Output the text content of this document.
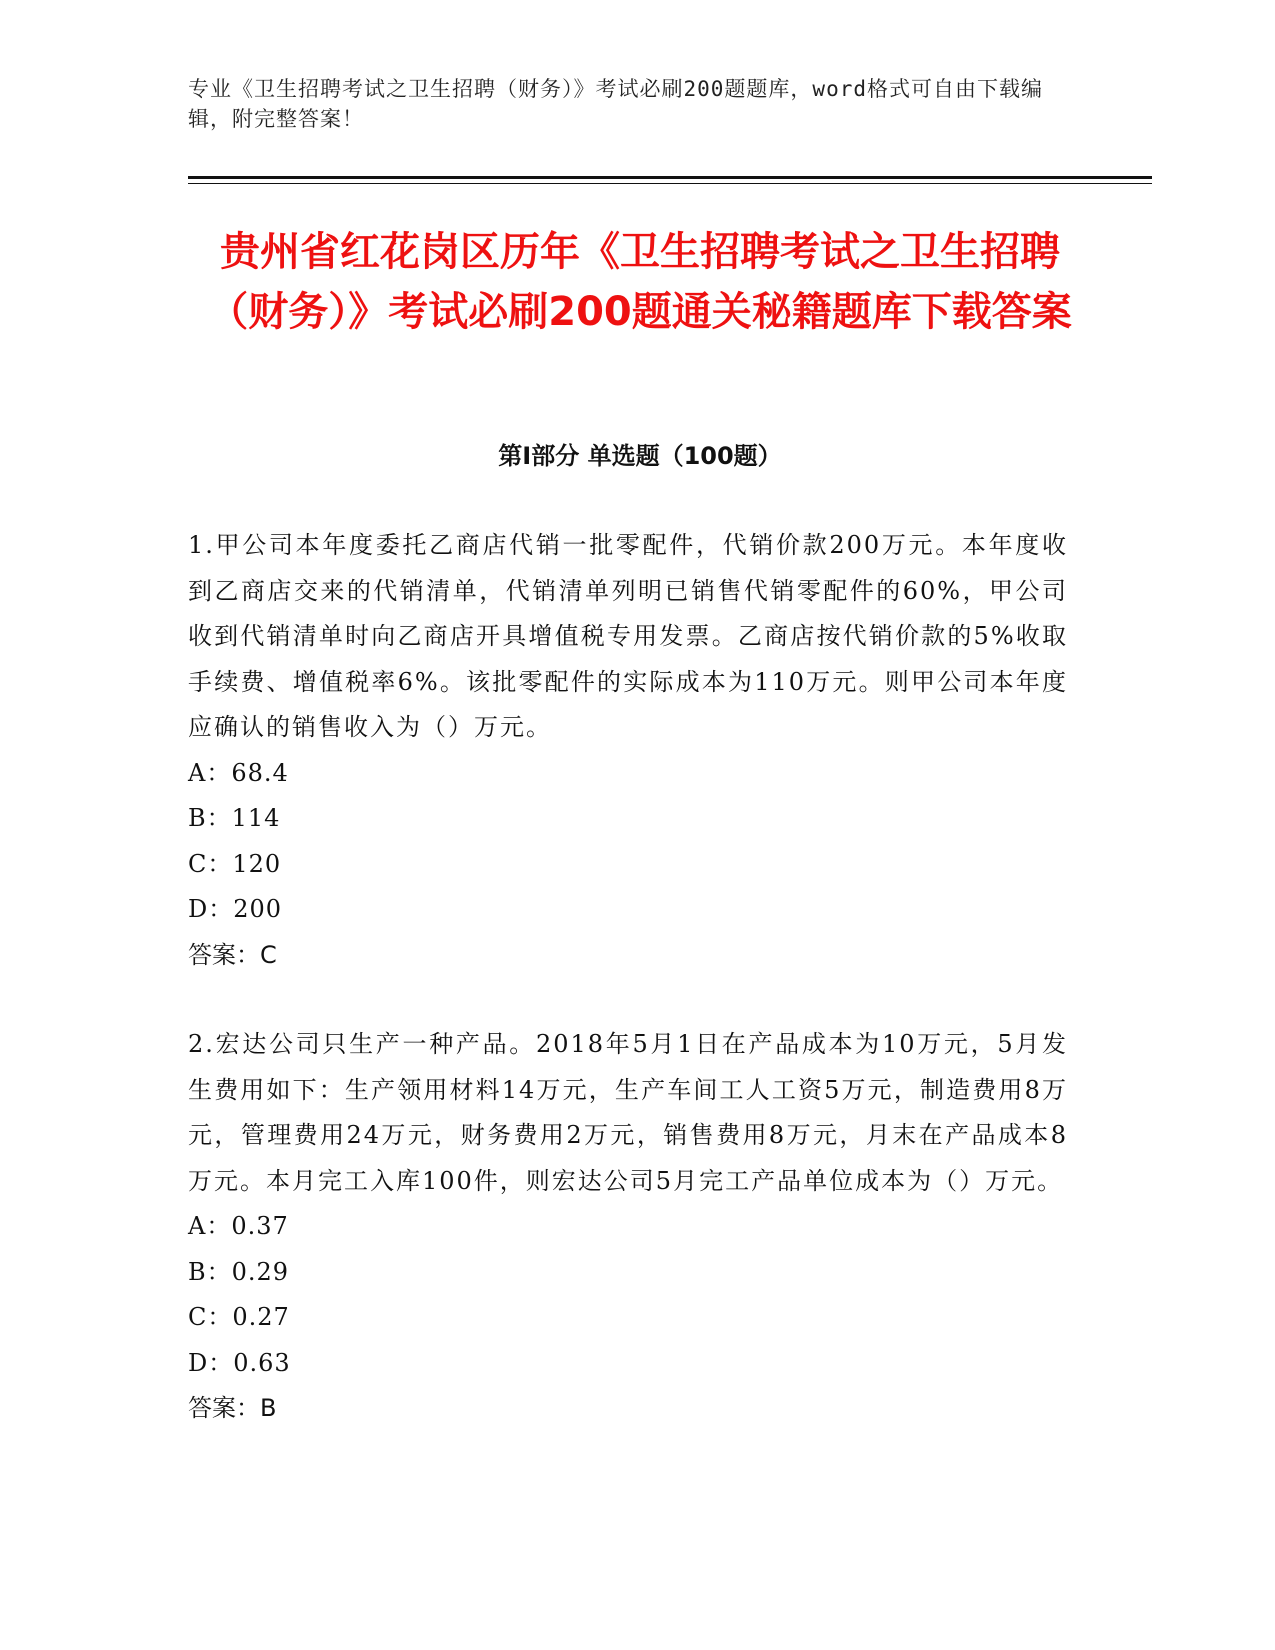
专业《卫生招聘考试之卫生招聘（财务）》考试必刷200题题库，word格式可自由下载编辑，附完整答案！
贵州省红花岗区历年《卫生招聘考试之卫生招聘（财务）》考试必刷200题通关秘籍题库下载答案
第I部分 单选题（100题）

1.甲公司本年度委托乙商店代销一批零配件，代销价款200万元。本年度收到乙商店交来的代销清单，代销清单列明已销售代销零配件的60%，甲公司收到代销清单时向乙商店开具增值税专用发票。乙商店按代销价款的5%收取手续费、增值税率6%。该批零配件的实际成本为110万元。则甲公司本年度应确认的销售收入为（）万元。

A：68.4

B：114

C：120

D：200

答案：C

2.宏达公司只生产一种产品。2018年5月1日在产品成本为10万元，5月发生费用如下：生产领用材料14万元，生产车间工人工资5万元，制造费用8万元，管理费用24万元，财务费用2万元，销售费用8万元，月末在产品成本8万元。本月完工入库100件，则宏达公司5月完工产品单位成本为（）万元。

A：0.37

B：0.29

C：0.27

D：0.63

答案：B
